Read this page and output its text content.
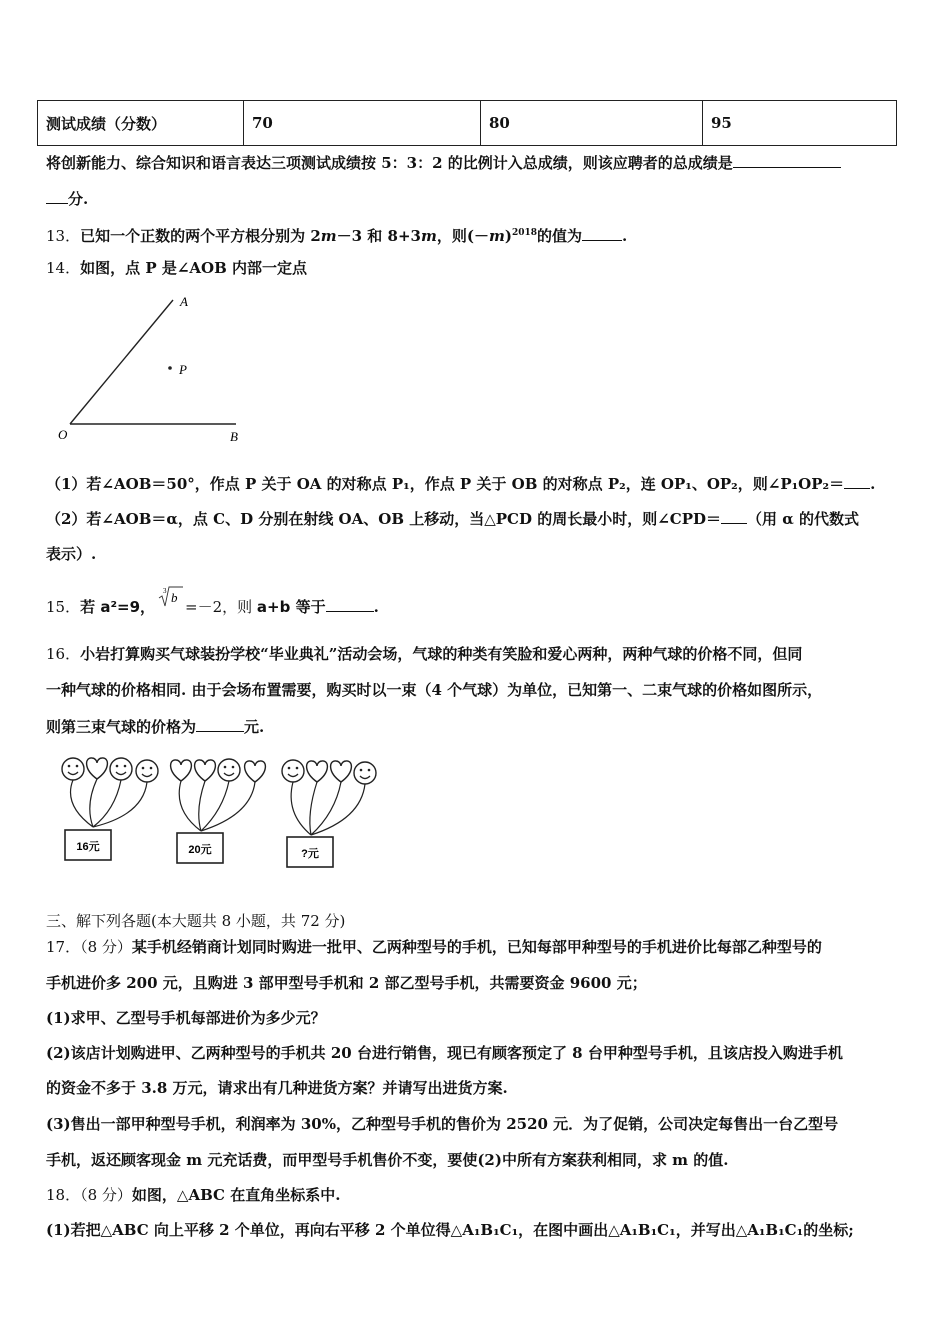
测试成绩（分数）	70	80	95
将创新能力、综合知识和语言表达三项测试成绩按 5：3：2 的比例计入总成绩，则该应聘者的总成绩是
分.
13．已知一个正数的两个平方根分别为 2m－3 和 8+3m，则$(-m)^{2018}$的值为	.
14．如图，点 P 是∠AOB 内部一定点
A
P
O	B
（1）若∠AOB＝50°，作点 P 关于 OA 的对称点 P₁，作点 P 关于 OB 的对称点 P₂，连 OP₁、OP₂，则∠P₁OP₂＝ .
（2）若∠AOB＝α，点 C、D 分别在射线 OA、OB 上移动，当△PCD 的周长最小时，则∠CPD＝ （用 α 的代数式
表示）.
15．若 a²=9，
3 b
=－2，则 a+b 等于	.
16．小岩打算购买气球装扮学校“毕业典礼”活动会场，气球的种类有笑脸和爱心两种，两种气球的价格不同，但同
一种气球的价格相同. 由于会场布置需要，购买时以一束（4 个气球）为单位，已知第一、二束气球的价格如图所示，
则第三束气球的价格为	元.
16元	20元	?元
三、解下列各题(本大题共 8 小题，共 72 分)
17．（8 分）某手机经销商计划同时购进一批甲、乙两种型号的手机，已知每部甲种型号的手机进价比每部乙种型号的
手机进价多 200 元，且购进 3 部甲型号手机和 2 部乙型号手机，共需要资金 9600 元；
(1)求甲、乙型号手机每部进价为多少元？
(2)该店计划购进甲、乙两种型号的手机共 20 台进行销售，现已有顾客预定了 8 台甲种型号手机，且该店投入购进手机
的资金不多于 3.8 万元，请求出有几种进货方案？并请写出进货方案.
(3)售出一部甲种型号手机，利润率为 30%，乙种型号手机的售价为 2520 元．为了促销，公司决定每售出一台乙型号
手机，返还顾客现金 m 元充话费，而甲型号手机售价不变，要使(2)中所有方案获利相同，求 m 的值.
18．（8 分）如图，△ABC 在直角坐标系中.
(1)若把△ABC 向上平移 2 个单位，再向右平移 2 个单位得△A₁B₁C₁，在图中画出△A₁B₁C₁，并写出△A₁B₁C₁的坐标;
